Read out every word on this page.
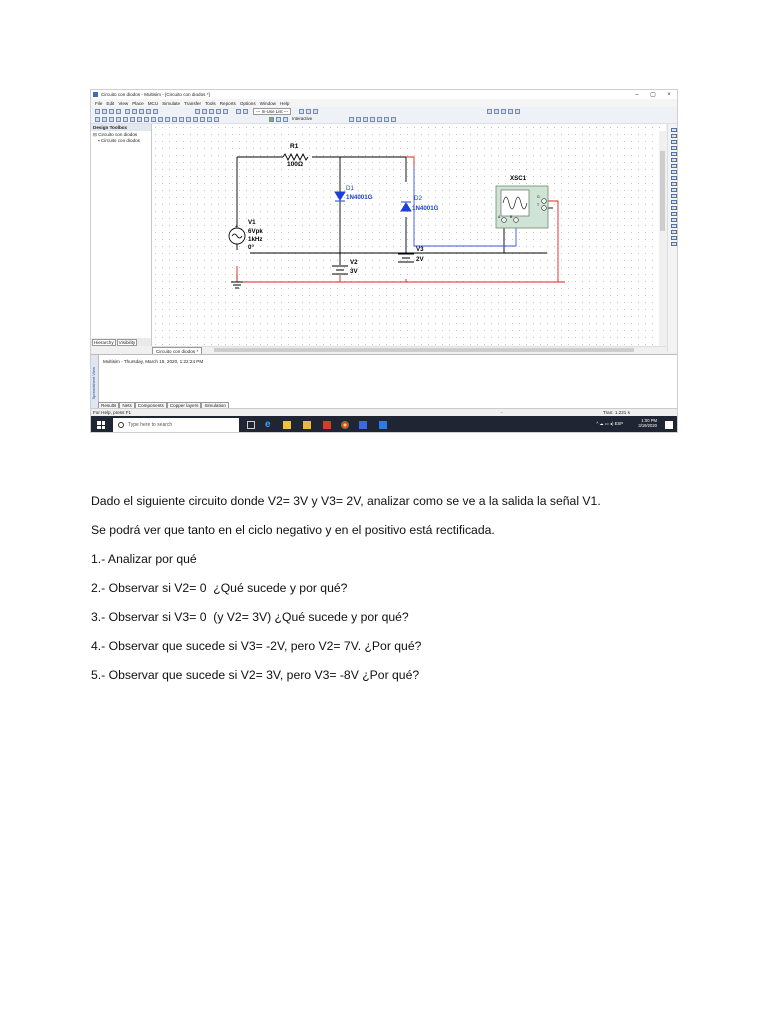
Circuito con diodos - Multisim - [Circuito con diodos *]	–	▢	×
File Edit View Place MCU Simulate Transfer Tools Reports Options Window Help
--- In-Use List ---
Interactive
Design Toolbox
⊟ Circuito con diodos
▪ Circuito con diodos
Hierarchy	Visibility
R1
100Ω
D1
1N4001G	D2
1N4001G
+
V1
6Vpk
1kHz
0°
V2
3V
V3
2V
XSC1
A	B
G
T
Circuito con diodos *
Spreadsheet View
Multisim - Thursday, March 19, 2020, 1:22:24 PM
Results	Nets	Components	Copper layers	Simulation
For Help, press F1	-	Tran: 1.221 s
Type here to search	e	^ ☁ ▭ ◂) ESP
1:00 PM
3/19/2020

Dado el siguiente circuito donde V2= 3V y V3= 2V, analizar como se ve a la salida la señal V1.

Se podrá ver que tanto en el ciclo negativo y en el positivo está rectificada.

1.- Analizar por qué

2.- Observar si V2= 0  ¿Qué sucede y por qué?

3.- Observar si V3= 0  (y V2= 3V) ¿Qué sucede y por qué?

4.- Observar que sucede si V3= -2V, pero V2= 7V. ¿Por qué?

5.- Observar que sucede si V2= 3V, pero V3= -8V ¿Por qué?
